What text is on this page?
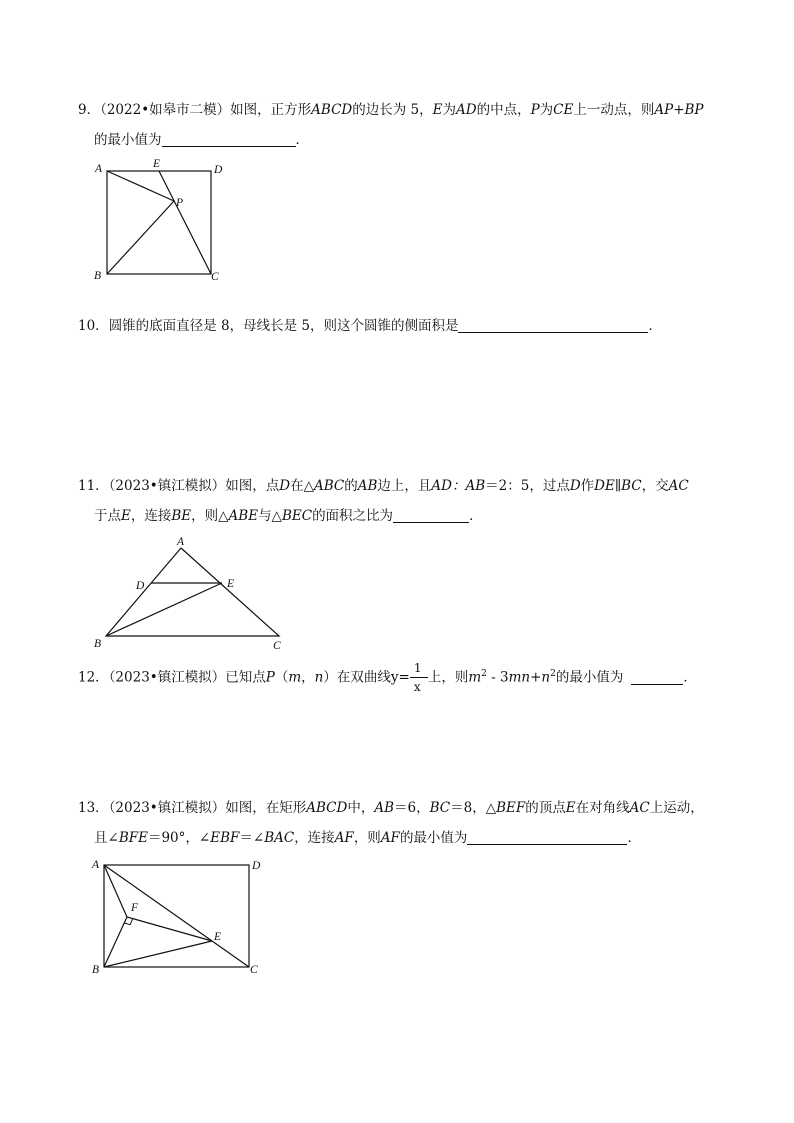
9．（2022•如皋市二模）如图，正方形ABCD的边长为 5，E为AD的中点，P为CE上一动点，则AP+BP
的最小值为	．
A	E	D
P
B	C
10．圆锥的底面直径是 8，母线长是 5，则这个圆锥的侧面积是	．
11．（2023•镇江模拟）如图，点D在△ABC的AB边上，且AD：AB＝2：5，过点D作DE∥BC，交AC
于点E，连接BE，则△ABE与△BEC的面积之比为	．
A
D	E
B	C
12．（2023•镇江模拟）已知点P（m，n）在双曲线$y= \frac{1}{x}$ 上，则$m^2 - 3mn+n^2$的最小值为	．
13．（2023•镇江模拟）如图，在矩形ABCD中，AB＝6，BC＝8，△BEF的顶点E在对角线AC上运动，
且∠BFE＝90°，∠EBF＝∠BAC，连接AF，则AF的最小值为	．
A	D
F
E
B	C
